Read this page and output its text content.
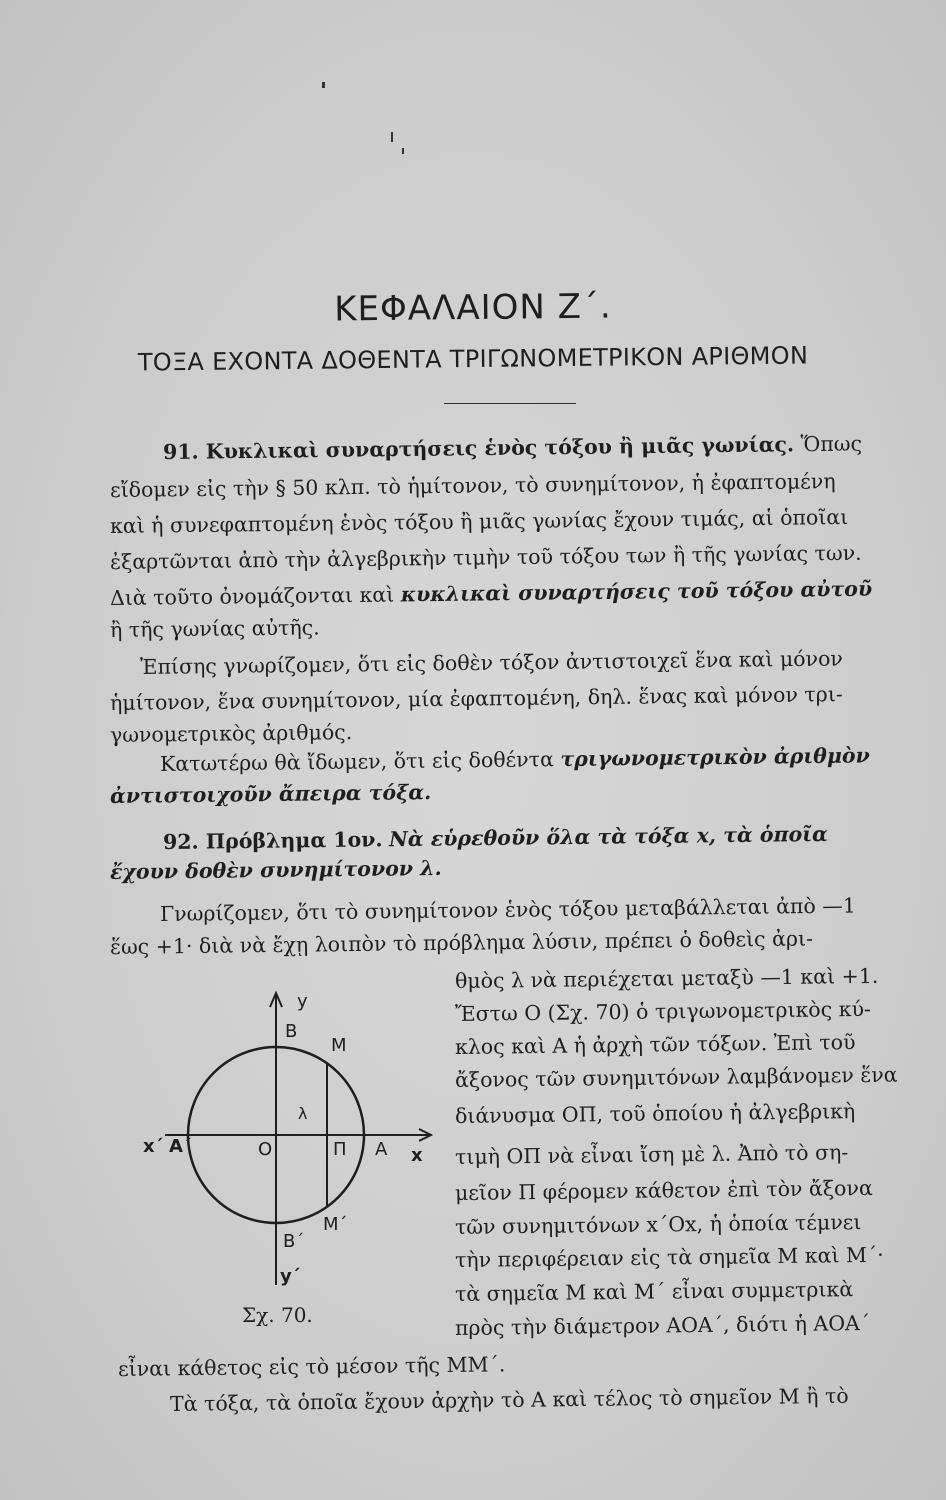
ΚΕΦΑΛΑΙΟΝ Ζ΄.
ΤΟΞΑ ΕΧΟΝΤΑ ΔΟΘΕΝΤΑ ΤΡΙΓΩΝΟΜΕΤΡΙΚΟΝ ΑΡΙΘΜΟΝ
91. Κυκλικαὶ συναρτήσεις ἑνὸς τόξου ἢ μιᾶς γωνίας. Ὅπως
εἴδομεν εἰς τὴν § 50 κλπ. τὸ ἡμίτονον, τὸ συνημίτονον, ἡ ἐφαπτομένη
καὶ ἡ συνεφαπτομένη ἑνὸς τόξου ἢ μιᾶς γωνίας ἔχουν τιμάς, αἱ ὁποῖαι
ἐξαρτῶνται ἀπὸ τὴν ἀλγεβρικὴν τιμὴν τοῦ τόξου των ἢ τῆς γωνίας των.
Διὰ τοῦτο ὀνομάζονται καὶ κυκλικαὶ συναρτήσεις τοῦ τόξου αὐτοῦ
ἢ τῆς γωνίας αὐτῆς.
Ἐπίσης γνωρίζομεν, ὅτι εἰς δοθὲν τόξον ἀντιστοιχεῖ ἕνα καὶ μόνον
ἡμίτονον, ἕνα συνημίτονον, μία ἐφαπτομένη, δηλ. ἕνας καὶ μόνον τρι-
γωνομετρικὸς ἀριθμός.
Κατωτέρω θὰ ἴδωμεν, ὅτι εἰς δοθέντα τριγωνομετρικὸν ἀριθμὸν
ἀντιστοιχοῦν ἄπειρα τόξα.
92. Πρόβλημα 1ον. Νὰ εὑρεθοῦν ὅλα τὰ τόξα x, τὰ ὁποῖα
ἔχουν δοθὲν συνημίτονον λ.
Γνωρίζομεν, ὅτι τὸ συνημίτονον ἑνὸς τόξου μεταβάλλεται ἀπὸ —1
ἕως +1· διὰ νὰ ἔχῃ λοιπὸν τὸ πρόβλημα λύσιν, πρέπει ὁ δοθεὶς ἀρι-
θμὸς λ νὰ περιέχεται μεταξὺ —1 καὶ +1.
Ἔστω Ο (Σχ. 70) ὁ τριγωνομετρικὸς κύ-
κλος καὶ Α ἡ ἀρχὴ τῶν τόξων. Ἐπὶ τοῦ
ἄξονος τῶν συνημιτόνων λαμβάνομεν ἕνα
διάνυσμα ΟΠ, τοῦ ὁποίου ἡ ἀλγεβρικὴ
τιμὴ ΟΠ νὰ εἶναι ἴση μὲ λ. Ἀπὸ τὸ ση-
μεῖον Π φέρομεν κάθετον ἐπὶ τὸν ἄξονα
τῶν συνημιτόνων x΄Ox, ἡ ὁποία τέμνει
τὴν περιφέρειαν εἰς τὰ σημεῖα Μ καὶ Μ΄·
τὰ σημεῖα Μ καὶ Μ΄ εἶναι συμμετρικὰ
πρὸς τὴν διάμετρον ΑΟΑ΄, διότι ἡ ΑΟΑ΄
εἶναι κάθετος εἰς τὸ μέσον τῆς ΜΜ΄.
Τὰ τόξα, τὰ ὁποῖα ἔχουν ἀρχὴν τὸ Α καὶ τέλος τὸ σημεῖον Μ ἢ τὸ
y
B
M
λ
x΄ A΄	O	Π A x
M΄
B΄
y΄
Σχ. 70.
